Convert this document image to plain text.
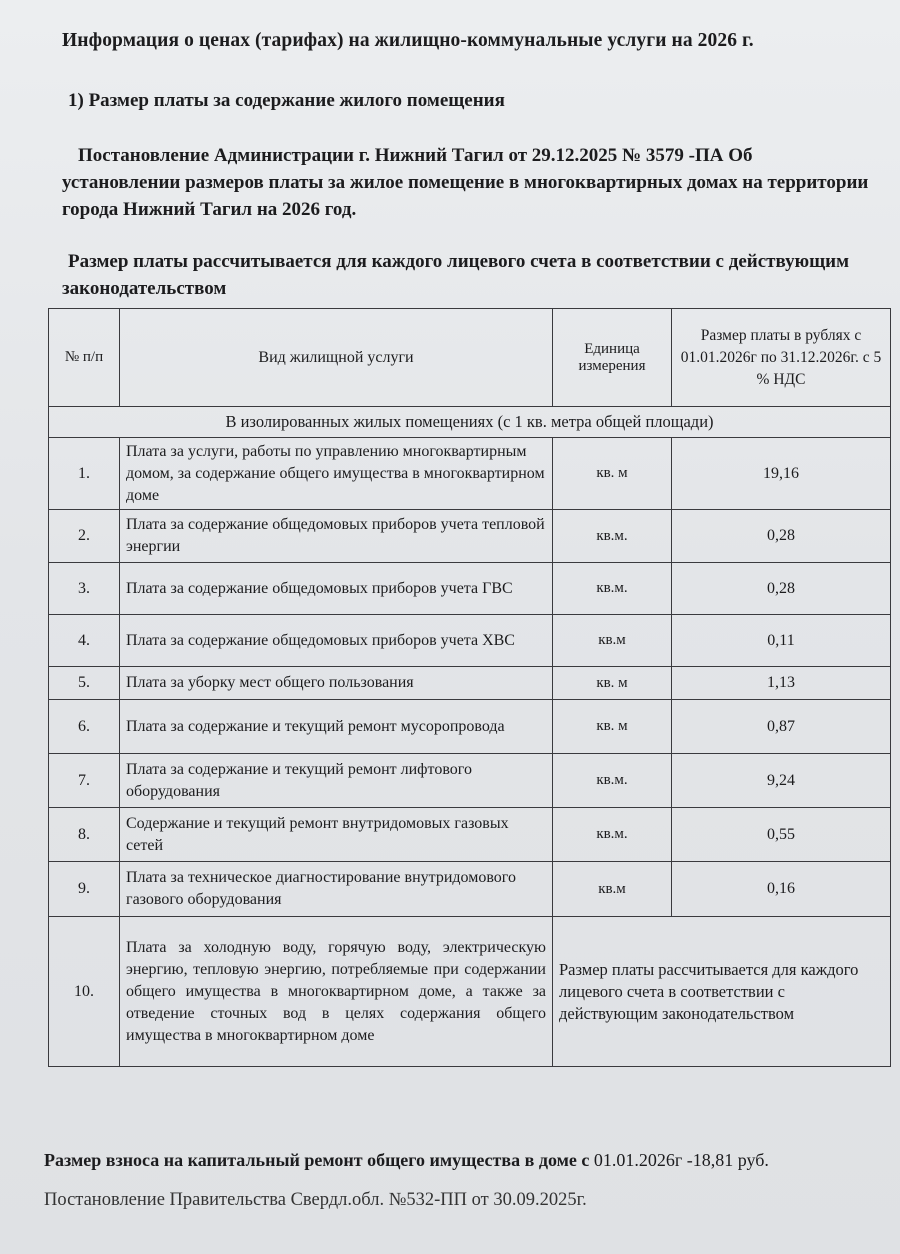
Информация о ценах (тарифах) на жилищно-коммунальные услуги на 2026 г.
1) Размер платы за содержание жилого помещения
Постановление Администрации г. Нижний Тагил от 29.12.2025 № 3579 -ПА Об установлении размеров платы за жилое помещение в многоквартирных домах на территории города Нижний Тагил на 2026 год.
Размер платы рассчитывается для каждого лицевого счета в соответствии с действующим законодательством
№ п/п	Вид жилищной услуги	Единица измерения	Размер платы в рублях с 01.01.2026г по 31.12.2026г. с 5 % НДС
В изолированных жилых помещениях (с 1 кв. метра общей площади)			
1.	Плата за услуги, работы по управлению многоквартирным домом, за содержание общего имущества в многоквартирном доме	кв. м	19,16
2.	Плата за содержание общедомовых приборов учета тепловой энергии	кв.м.	0,28
3.	Плата за содержание общедомовых приборов учета ГВС	кв.м.	0,28
4.	Плата за содержание общедомовых приборов учета ХВС	кв.м	0,11
5.	Плата за уборку мест общего пользования	кв. м	1,13
6.	Плата за содержание и текущий ремонт мусоропровода	кв. м	0,87
7.	Плата за содержание и текущий ремонт лифтового оборудования	кв.м.	9,24
8.	Содержание и текущий ремонт внутридомовых газовых сетей	кв.м.	0,55
9.	Плата за техническое диагностирование внутридомового газового оборудования	кв.м	0,16
10.	Плата за холодную воду, горячую воду, электрическую энергию, тепловую энергию, потребляемые при содержании общего имущества в многоквартирном доме, а также за отведение сточных вод в целях содержания общего имущества в многоквартирном доме	Размер платы рассчитывается для каждого лицевого счета в соответствии с действующим законодательством	
Размер взноса на капитальный ремонт общего имущества в доме с 01.01.2026г -18,81 руб.
Постановление Правительства Свердл.обл. №532-ПП от 30.09.2025г.
